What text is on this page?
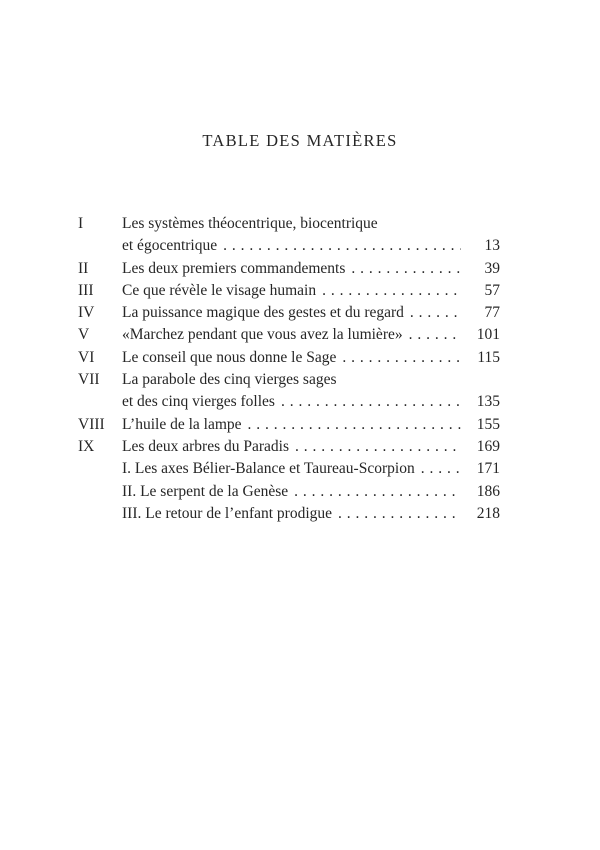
TABLE DES MATIÈRES
I	Les systèmes théocentrique, biocentrique
et égocentrique . . .	13
II	Les deux premiers commandements . . .	39
III	Ce que révèle le visage humain . . .	57
IV	La puissance magique des gestes et du regard . . .	77
V	«Marchez pendant que vous avez la lumière» . . .	101
VI	Le conseil que nous donne le Sage . . .	115
VII	La parabole des cinq vierges sages
et des cinq vierges folles . . .	135
VIII	L’huile de la lampe . . .	155
IX	Les deux arbres du Paradis . . .	169
I. Les axes Bélier-Balance et Taureau-Scorpion . . .	171
II. Le serpent de la Genèse . . .	186
III. Le retour de l’enfant prodigue . . .	218
